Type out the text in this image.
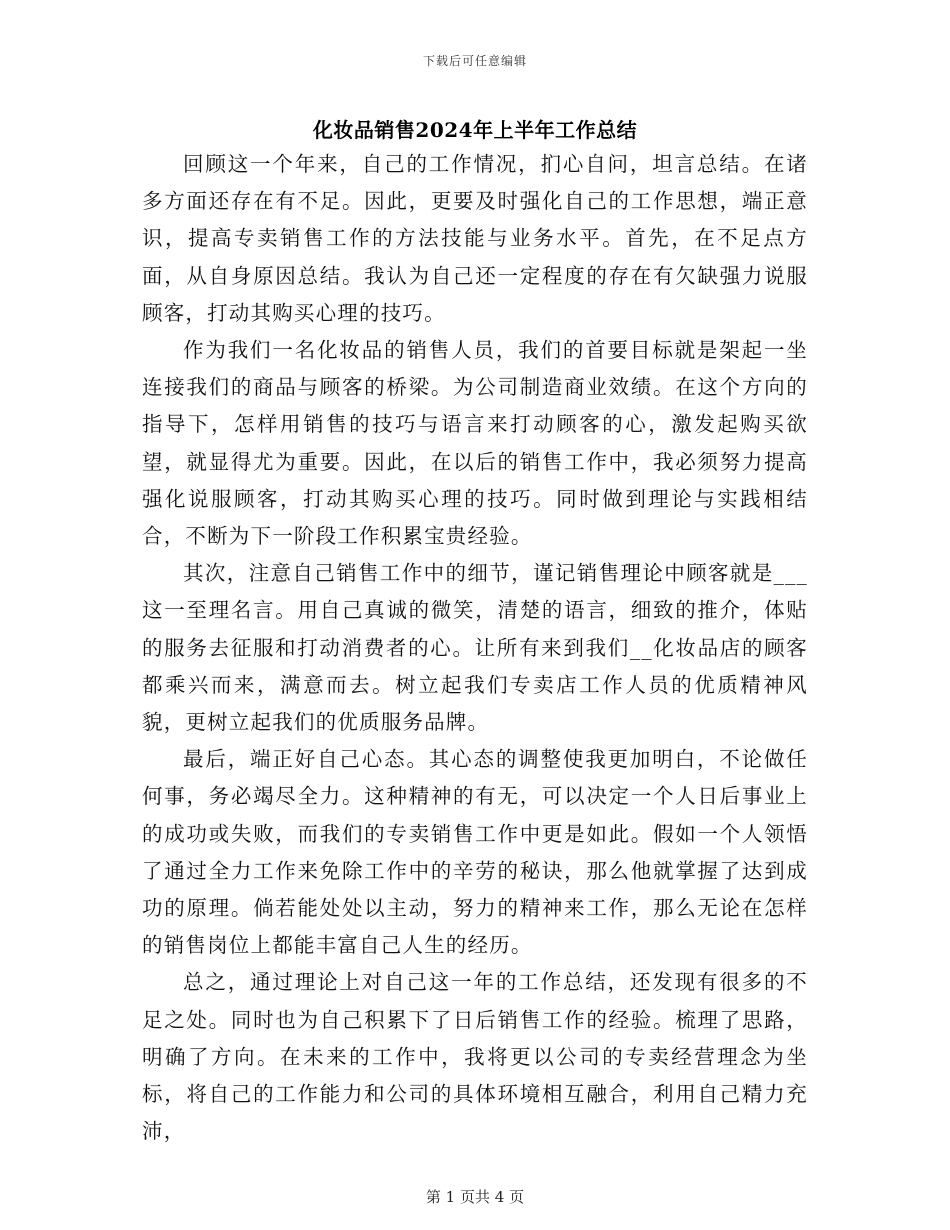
下载后可任意编辑
化妆品销售2024年上半年工作总结

回顾这一个年来，自己的工作情况，扪心自问，坦言总结。在诸多方面还存在有不足。因此，更要及时强化自己的工作思想，端正意识，提高专卖销售工作的方法技能与业务水平。首先，在不足点方面，从自身原因总结。我认为自己还一定程度的存在有欠缺强力说服顾客，打动其购买心理的技巧。

作为我们一名化妆品的销售人员，我们的首要目标就是架起一坐连接我们的商品与顾客的桥梁。为公司制造商业效绩。在这个方向的指导下，怎样用销售的技巧与语言来打动顾客的心，激发起购买欲望，就显得尤为重要。因此，在以后的销售工作中，我必须努力提高强化说服顾客，打动其购买心理的技巧。同时做到理论与实践相结合，不断为下一阶段工作积累宝贵经验。

其次，注意自己销售工作中的细节，谨记销售理论中顾客就是___这一至理名言。用自己真诚的微笑，清楚的语言，细致的推介，体贴的服务去征服和打动消费者的心。让所有来到我们__化妆品店的顾客都乘兴而来，满意而去。树立起我们专卖店工作人员的优质精神风貌，更树立起我们的优质服务品牌。

最后，端正好自己心态。其心态的调整使我更加明白，不论做任何事，务必竭尽全力。这种精神的有无，可以决定一个人日后事业上的成功或失败，而我们的专卖销售工作中更是如此。假如一个人领悟了通过全力工作来免除工作中的辛劳的秘诀，那么他就掌握了达到成功的原理。倘若能处处以主动，努力的精神来工作，那么无论在怎样的销售岗位上都能丰富自己人生的经历。

总之，通过理论上对自己这一年的工作总结，还发现有很多的不足之处。同时也为自己积累下了日后销售工作的经验。梳理了思路，明确了方向。在未来的工作中，我将更以公司的专卖经营理念为坐标，将自己的工作能力和公司的具体环境相互融合，利用自己精力充沛，

第 1 页共 4 页
